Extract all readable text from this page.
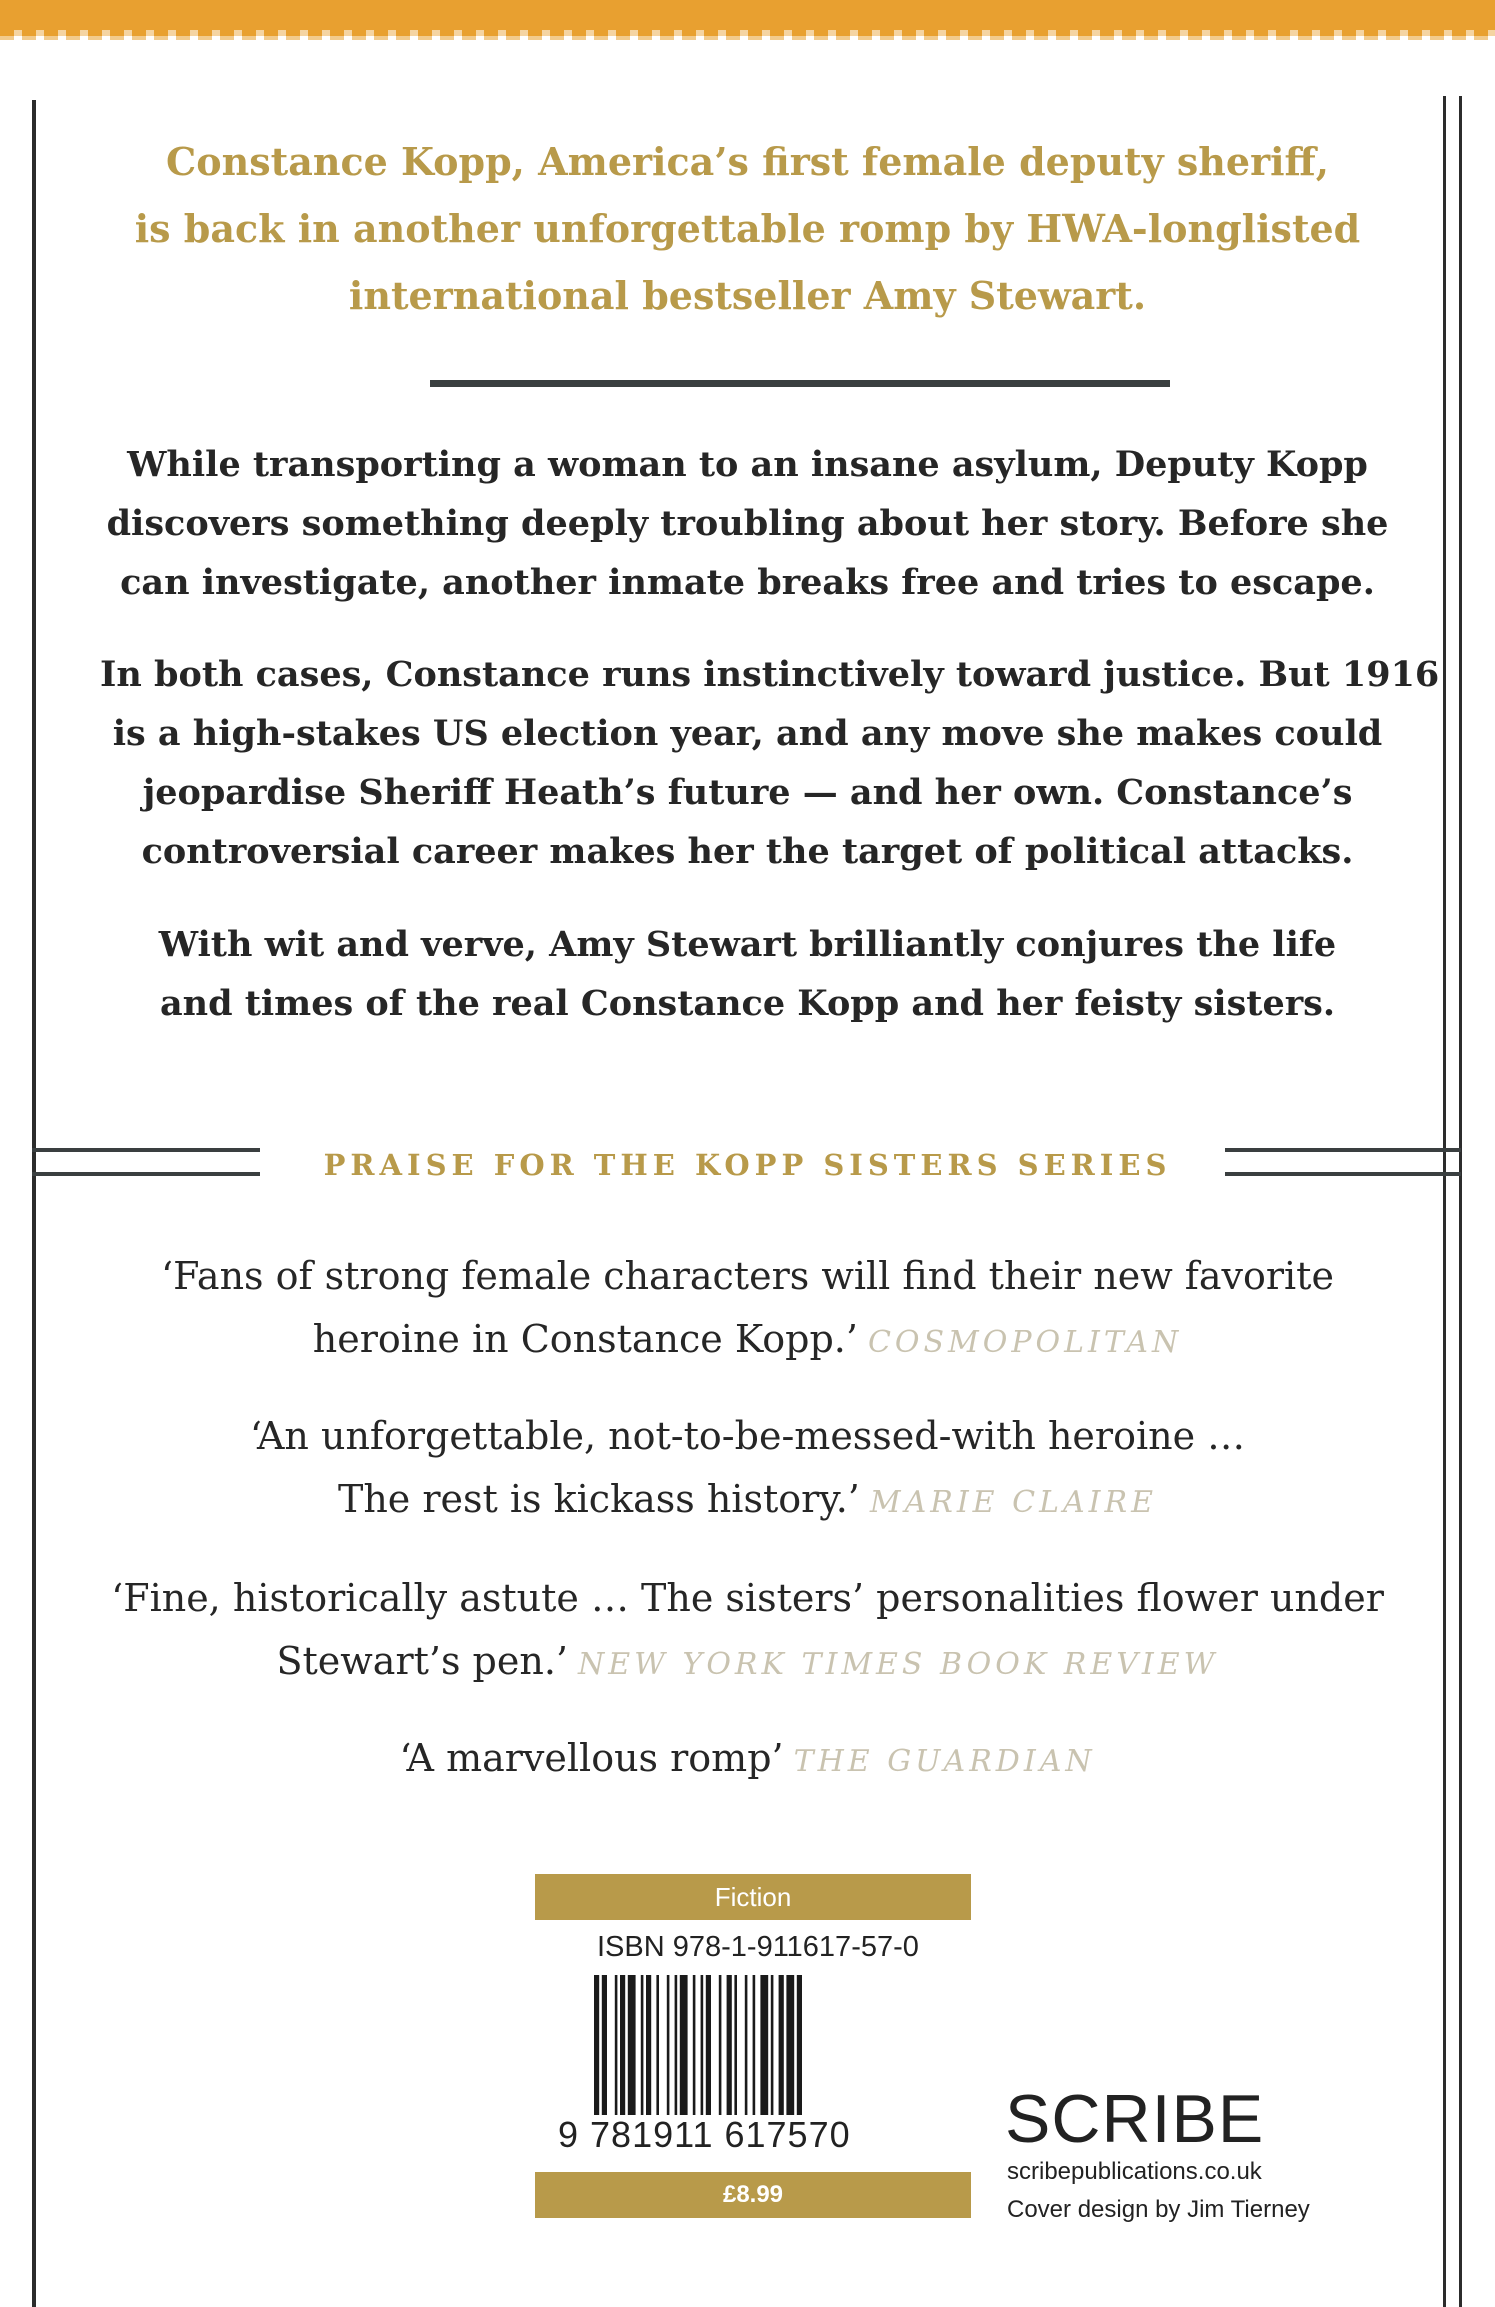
Constance Kopp, America’s first female deputy sheriff,
is back in another unforgettable romp by HWA-longlisted
international bestseller Amy Stewart.
While transporting a woman to an insane asylum, Deputy Kopp
discovers something deeply troubling about her story. Before she
can investigate, another inmate breaks free and tries to escape.
In both cases, Constance runs instinctively toward justice. But 1916
is a high-stakes US election year, and any move she makes could
jeopardise Sheriff Heath’s future — and her own. Constance’s
controversial career makes her the target of political attacks.
With wit and verve, Amy Stewart brilliantly conjures the life
and times of the real Constance Kopp and her feisty sisters.
PRAISE FOR THE KOPP SISTERS SERIES
‘Fans of strong female characters will find their new favorite
heroine in Constance Kopp.’ COSMOPOLITAN
‘An unforgettable, not-to-be-messed-with heroine …
The rest is kickass history.’ MARIE CLAIRE
‘Fine, historically astute … The sisters’ personalities flower under
Stewart’s pen.’ NEW YORK TIMES BOOK REVIEW
‘A marvellous romp’ THE GUARDIAN
Fiction
ISBN 978-1-911617-57-0
9 781911 617570
£8.99
SCRIBE
scribepublications.co.uk
Cover design by Jim Tierney
